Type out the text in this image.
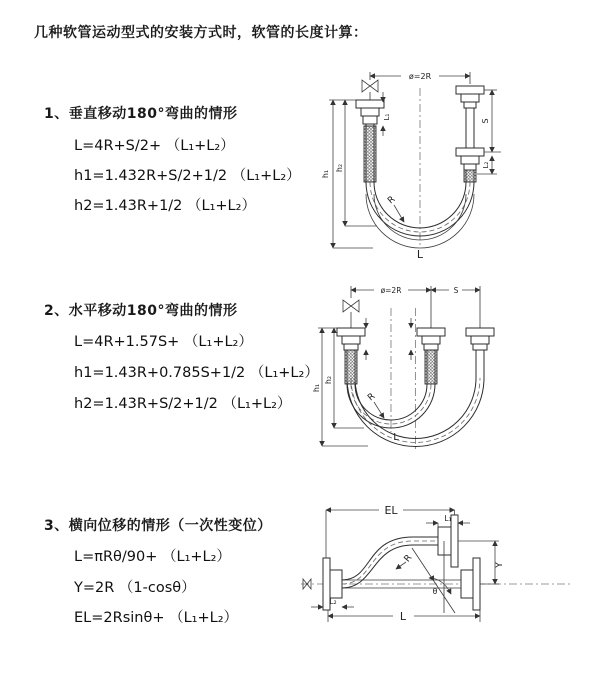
几种软管运动型式的安装方式时，软管的长度计算：
1、垂直移动180°弯曲的情形
L=4R+S/2+ （L₁+L₂）
h1=1.432R+S/2+1/2 （L₁+L₂）
h2=1.43R+1/2 （L₁+L₂）
ø=2R
h₁
h₂
L₁
S
L₂
R
L
2、水平移动180°弯曲的情形
L=4R+1.57S+ （L₁+L₂）
h1=1.43R+0.785S+1/2 （L₁+L₂）
h2=1.43R+S/2+1/2 （L₁+L₂）
ø=2R	S
h₁
h₂
R
L
3、横向位移的情形（一次性变位）
L=πRθ/90+ （L₁+L₂）
Y=2R （1-cosθ）
EL=2Rsinθ+ （L₁+L₂）
θ
R
EL
L₁
Y
L₂
L
